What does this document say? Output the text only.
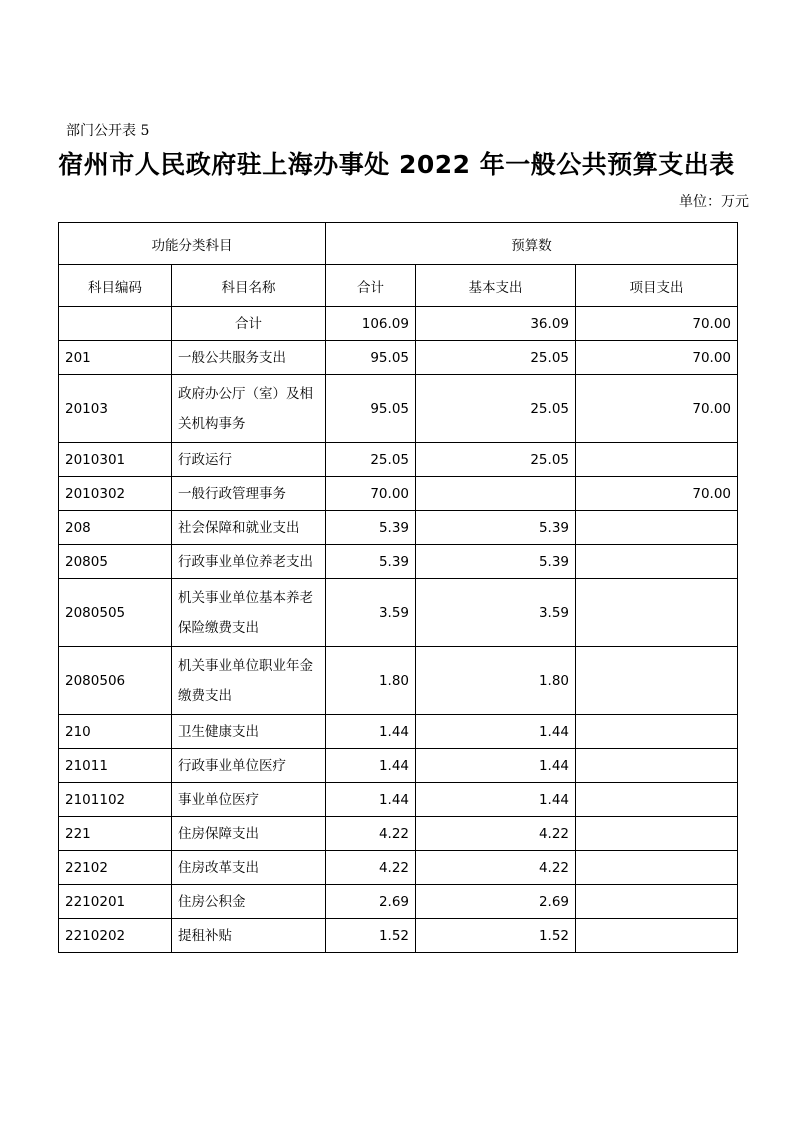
部门公开表 5
宿州市人民政府驻上海办事处 2022 年一般公共预算支出表
单位：万元
功能分类科目		预算数		
科目编码	科目名称	合计	基本支出	项目支出
	合计	106.09	36.09	70.00
201	一般公共服务支出	95.05	25.05	70.00
20103	政府办公厅（室）及相关机构事务	95.05	25.05	70.00
2010301	行政运行	25.05	25.05	
2010302	一般行政管理事务	70.00		70.00
208	社会保障和就业支出	5.39	5.39	
20805	行政事业单位养老支出	5.39	5.39	
2080505	机关事业单位基本养老保险缴费支出	3.59	3.59	
2080506	机关事业单位职业年金缴费支出	1.80	1.80	
210	卫生健康支出	1.44	1.44	
21011	行政事业单位医疗	1.44	1.44	
2101102	事业单位医疗	1.44	1.44	
221	住房保障支出	4.22	4.22	
22102	住房改革支出	4.22	4.22	
2210201	住房公积金	2.69	2.69	
2210202	提租补贴	1.52	1.52	
